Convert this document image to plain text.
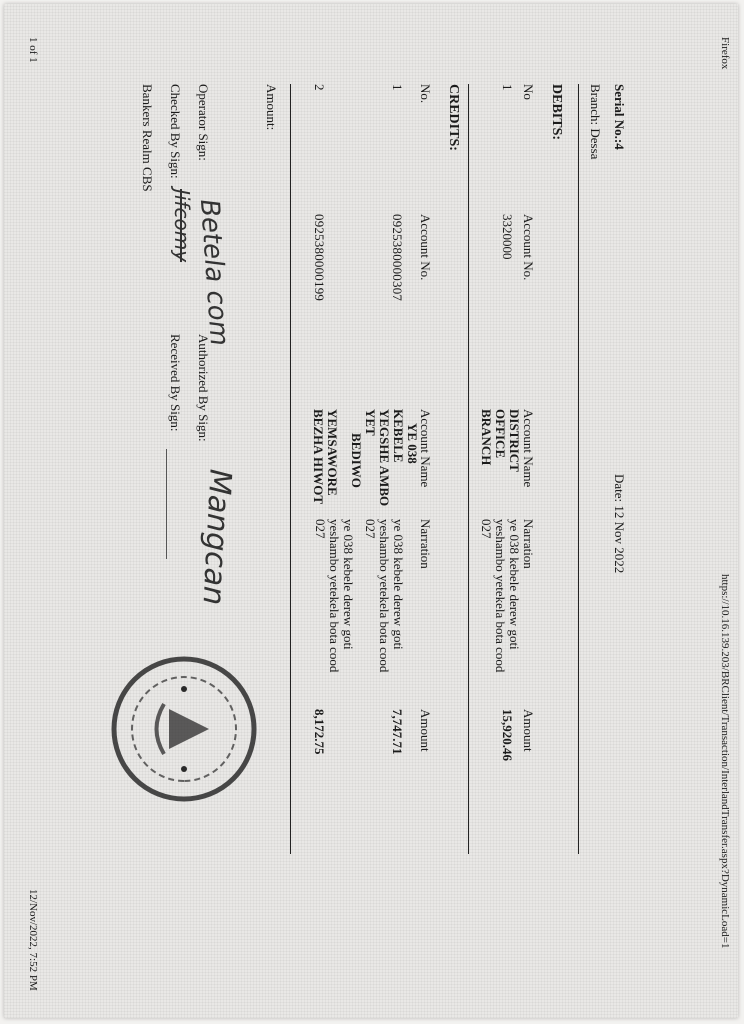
Firefox
https://10.16.139.203/BRClient/Transaction/InterlandTransfer.aspx?DynamicLoad=1
Serial No.:4
Branch: Dessa
Date: 12 Nov 2022
DEBITS:
No
Account No.
Account Name
Narration
Amount
1
3320000
DISTRICT
OFFICE
BRANCH
ye 038 kebele derew goti
yeshambo yetekela bota cood
027
15,920.46
CREDITS:
No.
Account No.
Account Name
Narration
Amount
1
0925380000307
YE 038
KEBELE
YEGSHE AMBO
YET
BEDIWO
ye 038 kebele derew goti
yeshambo yetekela bota cood
027
7,747.71
2
0925380000199
YEMSAWORE
BEZHA HIWOT
ye 038 kebele derew goti
yeshambo yetekela bota cood
027
8,172.75
Amount:
Operator Sign:
Betela com
Authorized By Sign:
Mangcan
Checked By Sign:
Jifcomy
Received By Sign:
Bankers Realm CBS
1 of 1
12/Nov/2022, 7:52 PM
